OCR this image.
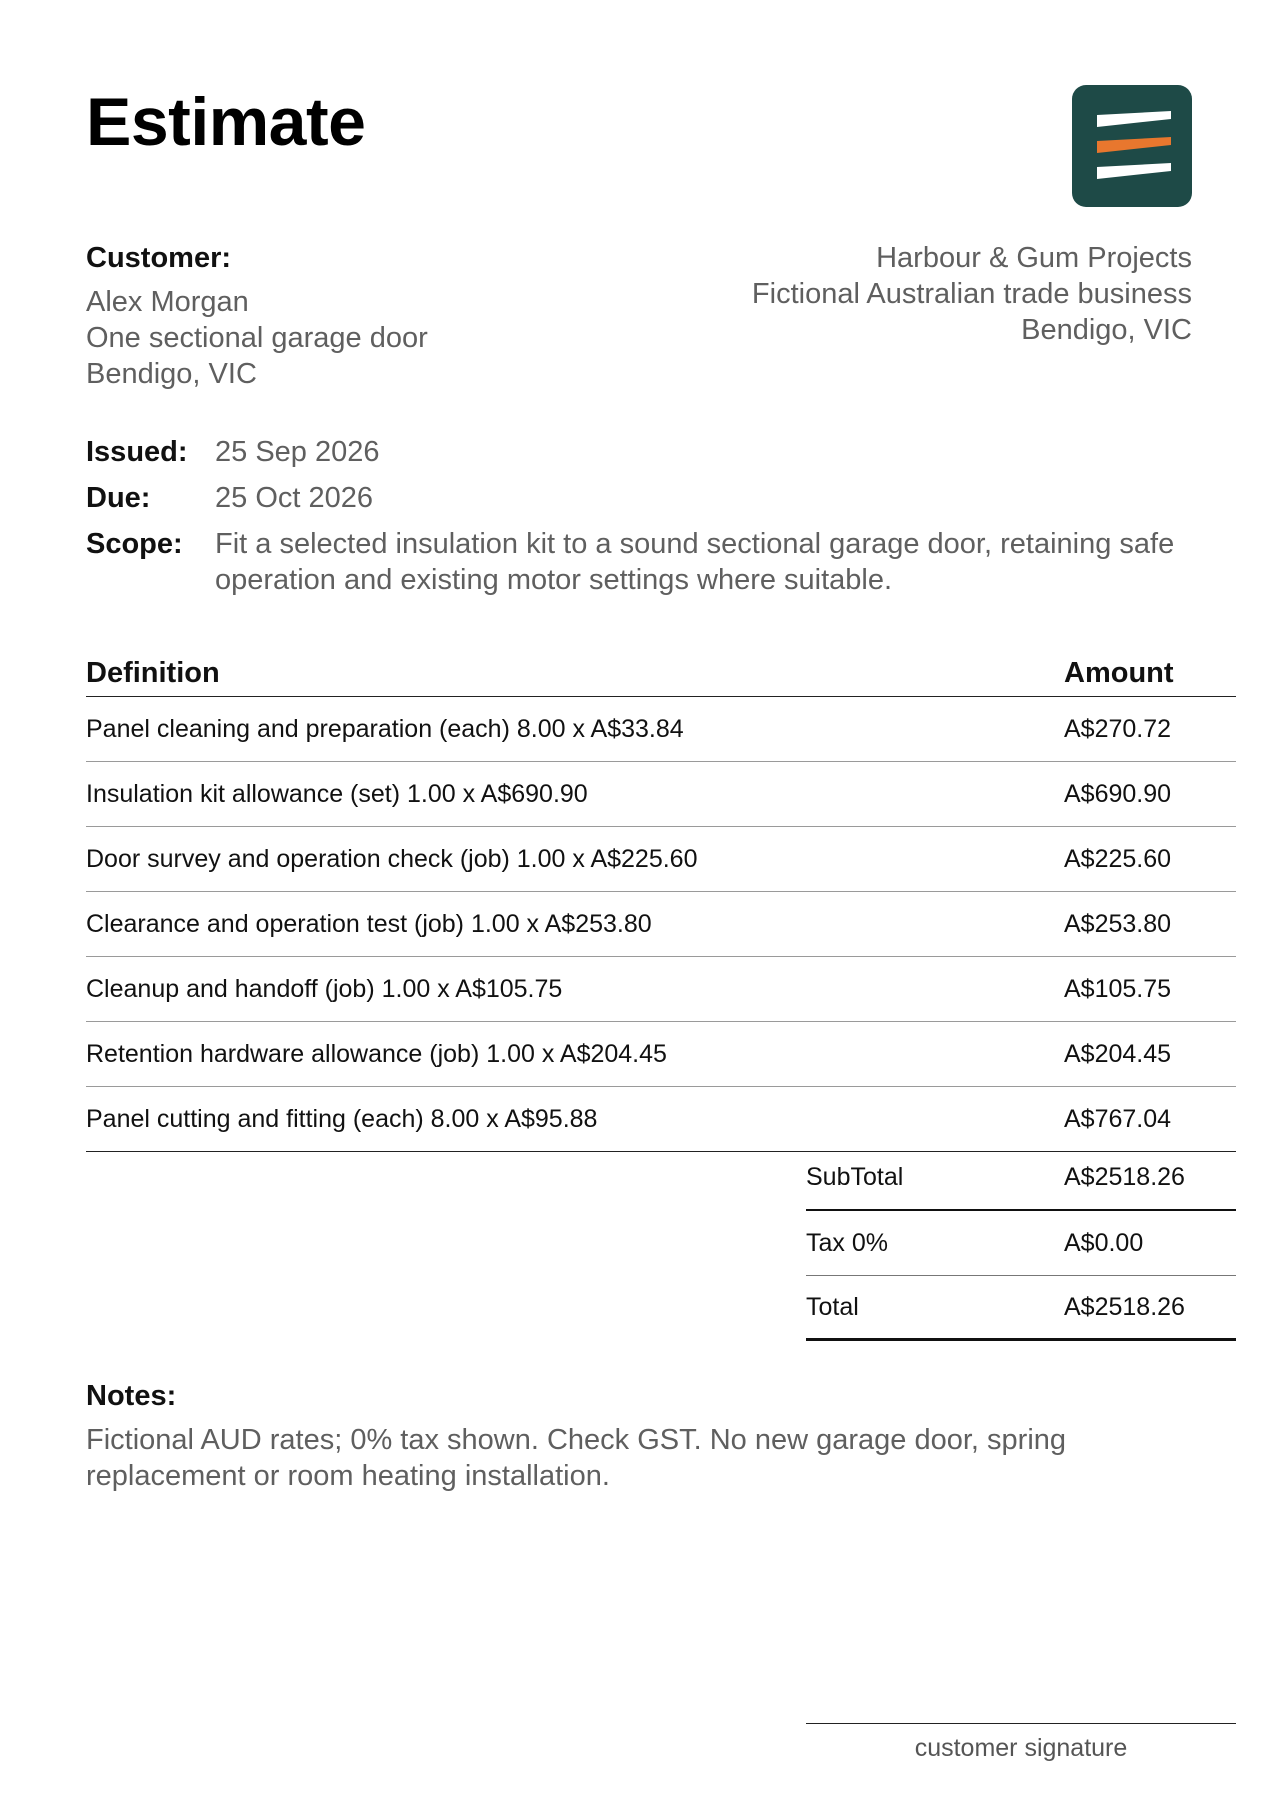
Estimate
Customer:
Alex Morgan
One sectional garage door
Bendigo, VIC
Harbour & Gum Projects
Fictional Australian trade business
Bendigo, VIC
Issued: 25 Sep 2026
Due:	25 Oct 2026
Scope:	Fit a selected insulation kit to a sound sectional garage door, retaining safe operation and existing motor settings where suitable.
Definition	Amount
Panel cleaning and preparation (each) 8.00 x A$33.84	A$270.72
Insulation kit allowance (set) 1.00 x A$690.90	A$690.90
Door survey and operation check (job) 1.00 x A$225.60	A$225.60
Clearance and operation test (job) 1.00 x A$253.80	A$253.80
Cleanup and handoff (job) 1.00 x A$105.75	A$105.75
Retention hardware allowance (job) 1.00 x A$204.45	A$204.45
Panel cutting and fitting (each) 8.00 x A$95.88	A$767.04
SubTotal	A$2518.26
Tax 0%	A$0.00
Total	A$2518.26
Notes:
Fictional AUD rates; 0% tax shown. Check GST. No new garage door, spring replacement or room heating installation.
customer signature
